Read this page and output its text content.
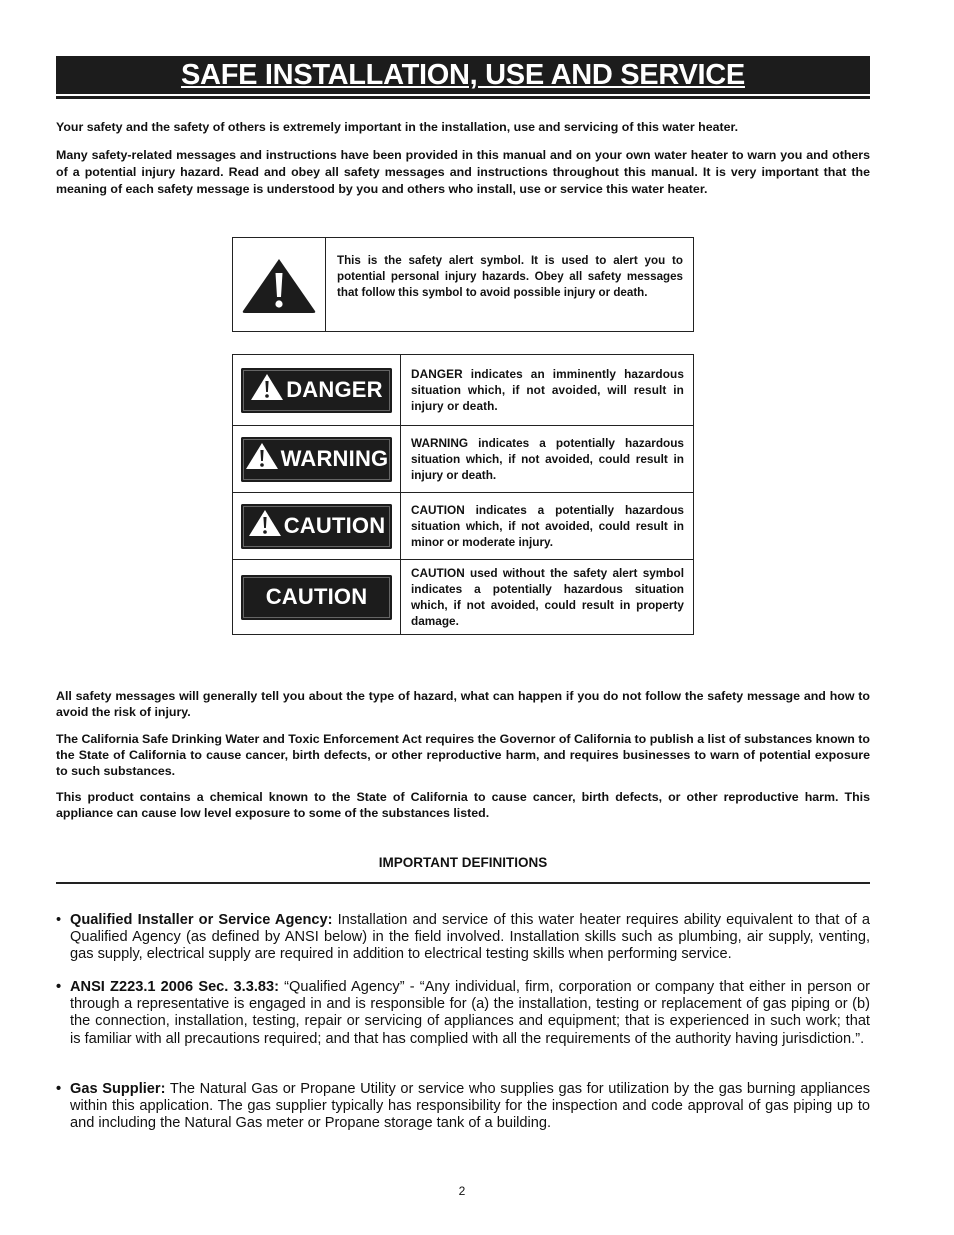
SAFE INSTALLATION, USE AND SERVICE

Your safety and the safety of others is extremely important in the installation, use and servicing of this water heater.

Many safety-related messages and instructions have been provided in this manual and on your own water heater to warn you and others of a potential injury hazard. Read and obey all safety messages and instructions throughout this manual. It is very important that the meaning of each safety message is understood by you and others who install, use or service this water heater.

This is the safety alert symbol. It is used to alert you to potential personal injury hazards. Obey all safety messages that follow this symbol to avoid possible injury or death.
DANGER
DANGER indicates an imminently hazardous situation which, if not avoided, will result in injury or death.
WARNING
WARNING indicates a potentially hazardous situation which, if not avoided, could result in injury or death.
CAUTION
CAUTION indicates a potentially hazardous situation which, if not avoided, could result in minor or moderate injury.
CAUTION
CAUTION used without the safety alert symbol indicates a potentially hazardous situation which, if not avoided, could result in property damage.

All safety messages will generally tell you about the type of hazard, what can happen if you do not follow the safety message and how to avoid the risk of injury.

The California Safe Drinking Water and Toxic Enforcement Act requires the Governor of California to publish a list of substances known to the State of California to cause cancer, birth defects, or other reproductive harm, and requires businesses to warn of potential exposure to such substances.

This product contains a chemical known to the State of California to cause cancer, birth defects, or other reproductive harm. This appliance can cause low level exposure to some of the substances listed.

IMPORTANT DEFINITIONS
• Qualified Installer or Service Agency: Installation and service of this water heater requires ability equivalent to that of a Qualified Agency (as defined by ANSI below) in the field involved. Installation skills such as plumbing, air supply, venting, gas supply, electrical supply are required in addition to electrical testing skills when performing service.
• ANSI Z223.1 2006 Sec. 3.3.83: “Qualified Agency” - “Any individual, firm, corporation or company that either in person or through a representative is engaged in and is responsible for (a) the installation, testing or replacement of gas piping or (b) the connection, installation, testing, repair or servicing of appliances and equipment; that is experienced in such work; that is familiar with all precautions required; and that has complied with all the requirements of the authority having jurisdiction.”.
• Gas Supplier: The Natural Gas or Propane Utility or service who supplies gas for utilization by the gas burning appliances within this application. The gas supplier typically has responsibility for the inspection and code approval of gas piping up to and including the Natural Gas meter or Propane storage tank of a building.
2
